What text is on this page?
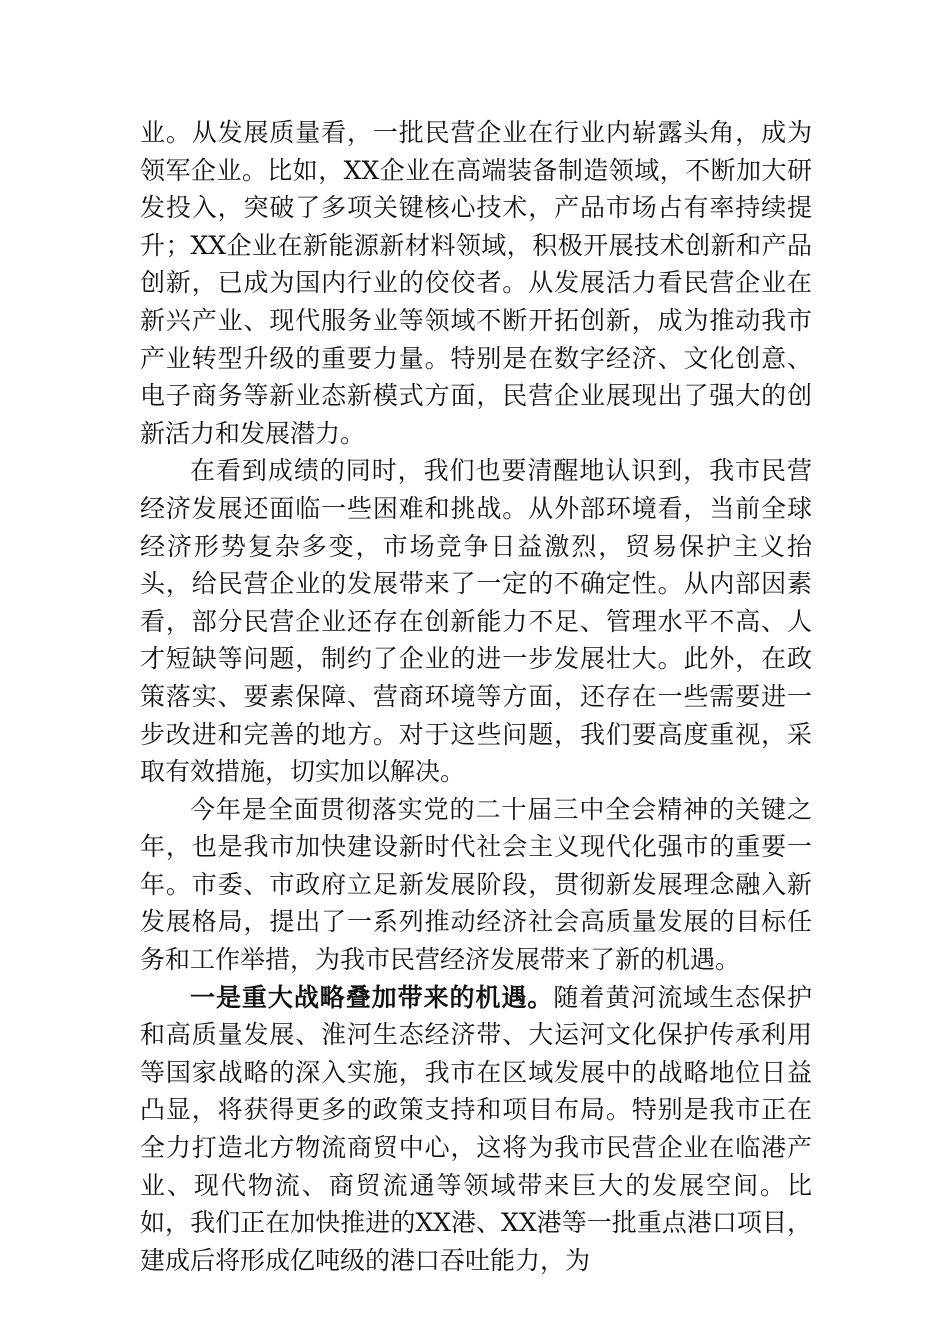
业。从发展质量看，一批民营企业在行业内崭露头角，成为领军企业。比如，XX企业在高端装备制造领域，不断加大研发投入，突破了多项关键核心技术，产品市场占有率持续提升；XX企业在新能源新材料领域，积极开展技术创新和产品创新，已成为国内行业的佼佼者。从发展活力看民营企业在新兴产业、现代服务业等领域不断开拓创新，成为推动我市产业转型升级的重要力量。特别是在数字经济、文化创意、电子商务等新业态新模式方面，民营企业展现出了强大的创新活力和发展潜力。

在看到成绩的同时，我们也要清醒地认识到，我市民营经济发展还面临一些困难和挑战。从外部环境看，当前全球经济形势复杂多变，市场竞争日益激烈，贸易保护主义抬头，给民营企业的发展带来了一定的不确定性。从内部因素看，部分民营企业还存在创新能力不足、管理水平不高、人才短缺等问题，制约了企业的进一步发展壮大。此外，在政策落实、要素保障、营商环境等方面，还存在一些需要进一步改进和完善的地方。对于这些问题，我们要高度重视，采取有效措施，切实加以解决。

今年是全面贯彻落实党的二十届三中全会精神的关键之年，也是我市加快建设新时代社会主义现代化强市的重要一年。市委、市政府立足新发展阶段，贯彻新发展理念融入新发展格局，提出了一系列推动经济社会高质量发展的目标任务和工作举措，为我市民营经济发展带来了新的机遇。

一是重大战略叠加带来的机遇。随着黄河流域生态保护和高质量发展、淮河生态经济带、大运河文化保护传承利用等国家战略的深入实施，我市在区域发展中的战略地位日益凸显，将获得更多的政策支持和项目布局。特别是我市正在全力打造北方物流商贸中心，这将为我市民营企业在临港产业、现代物流、商贸流通等领域带来巨大的发展空间。比如，我们正在加快推进的XX港、XX港等一批重点港口项目，建成后将形成亿吨级的港口吞吐能力，为
